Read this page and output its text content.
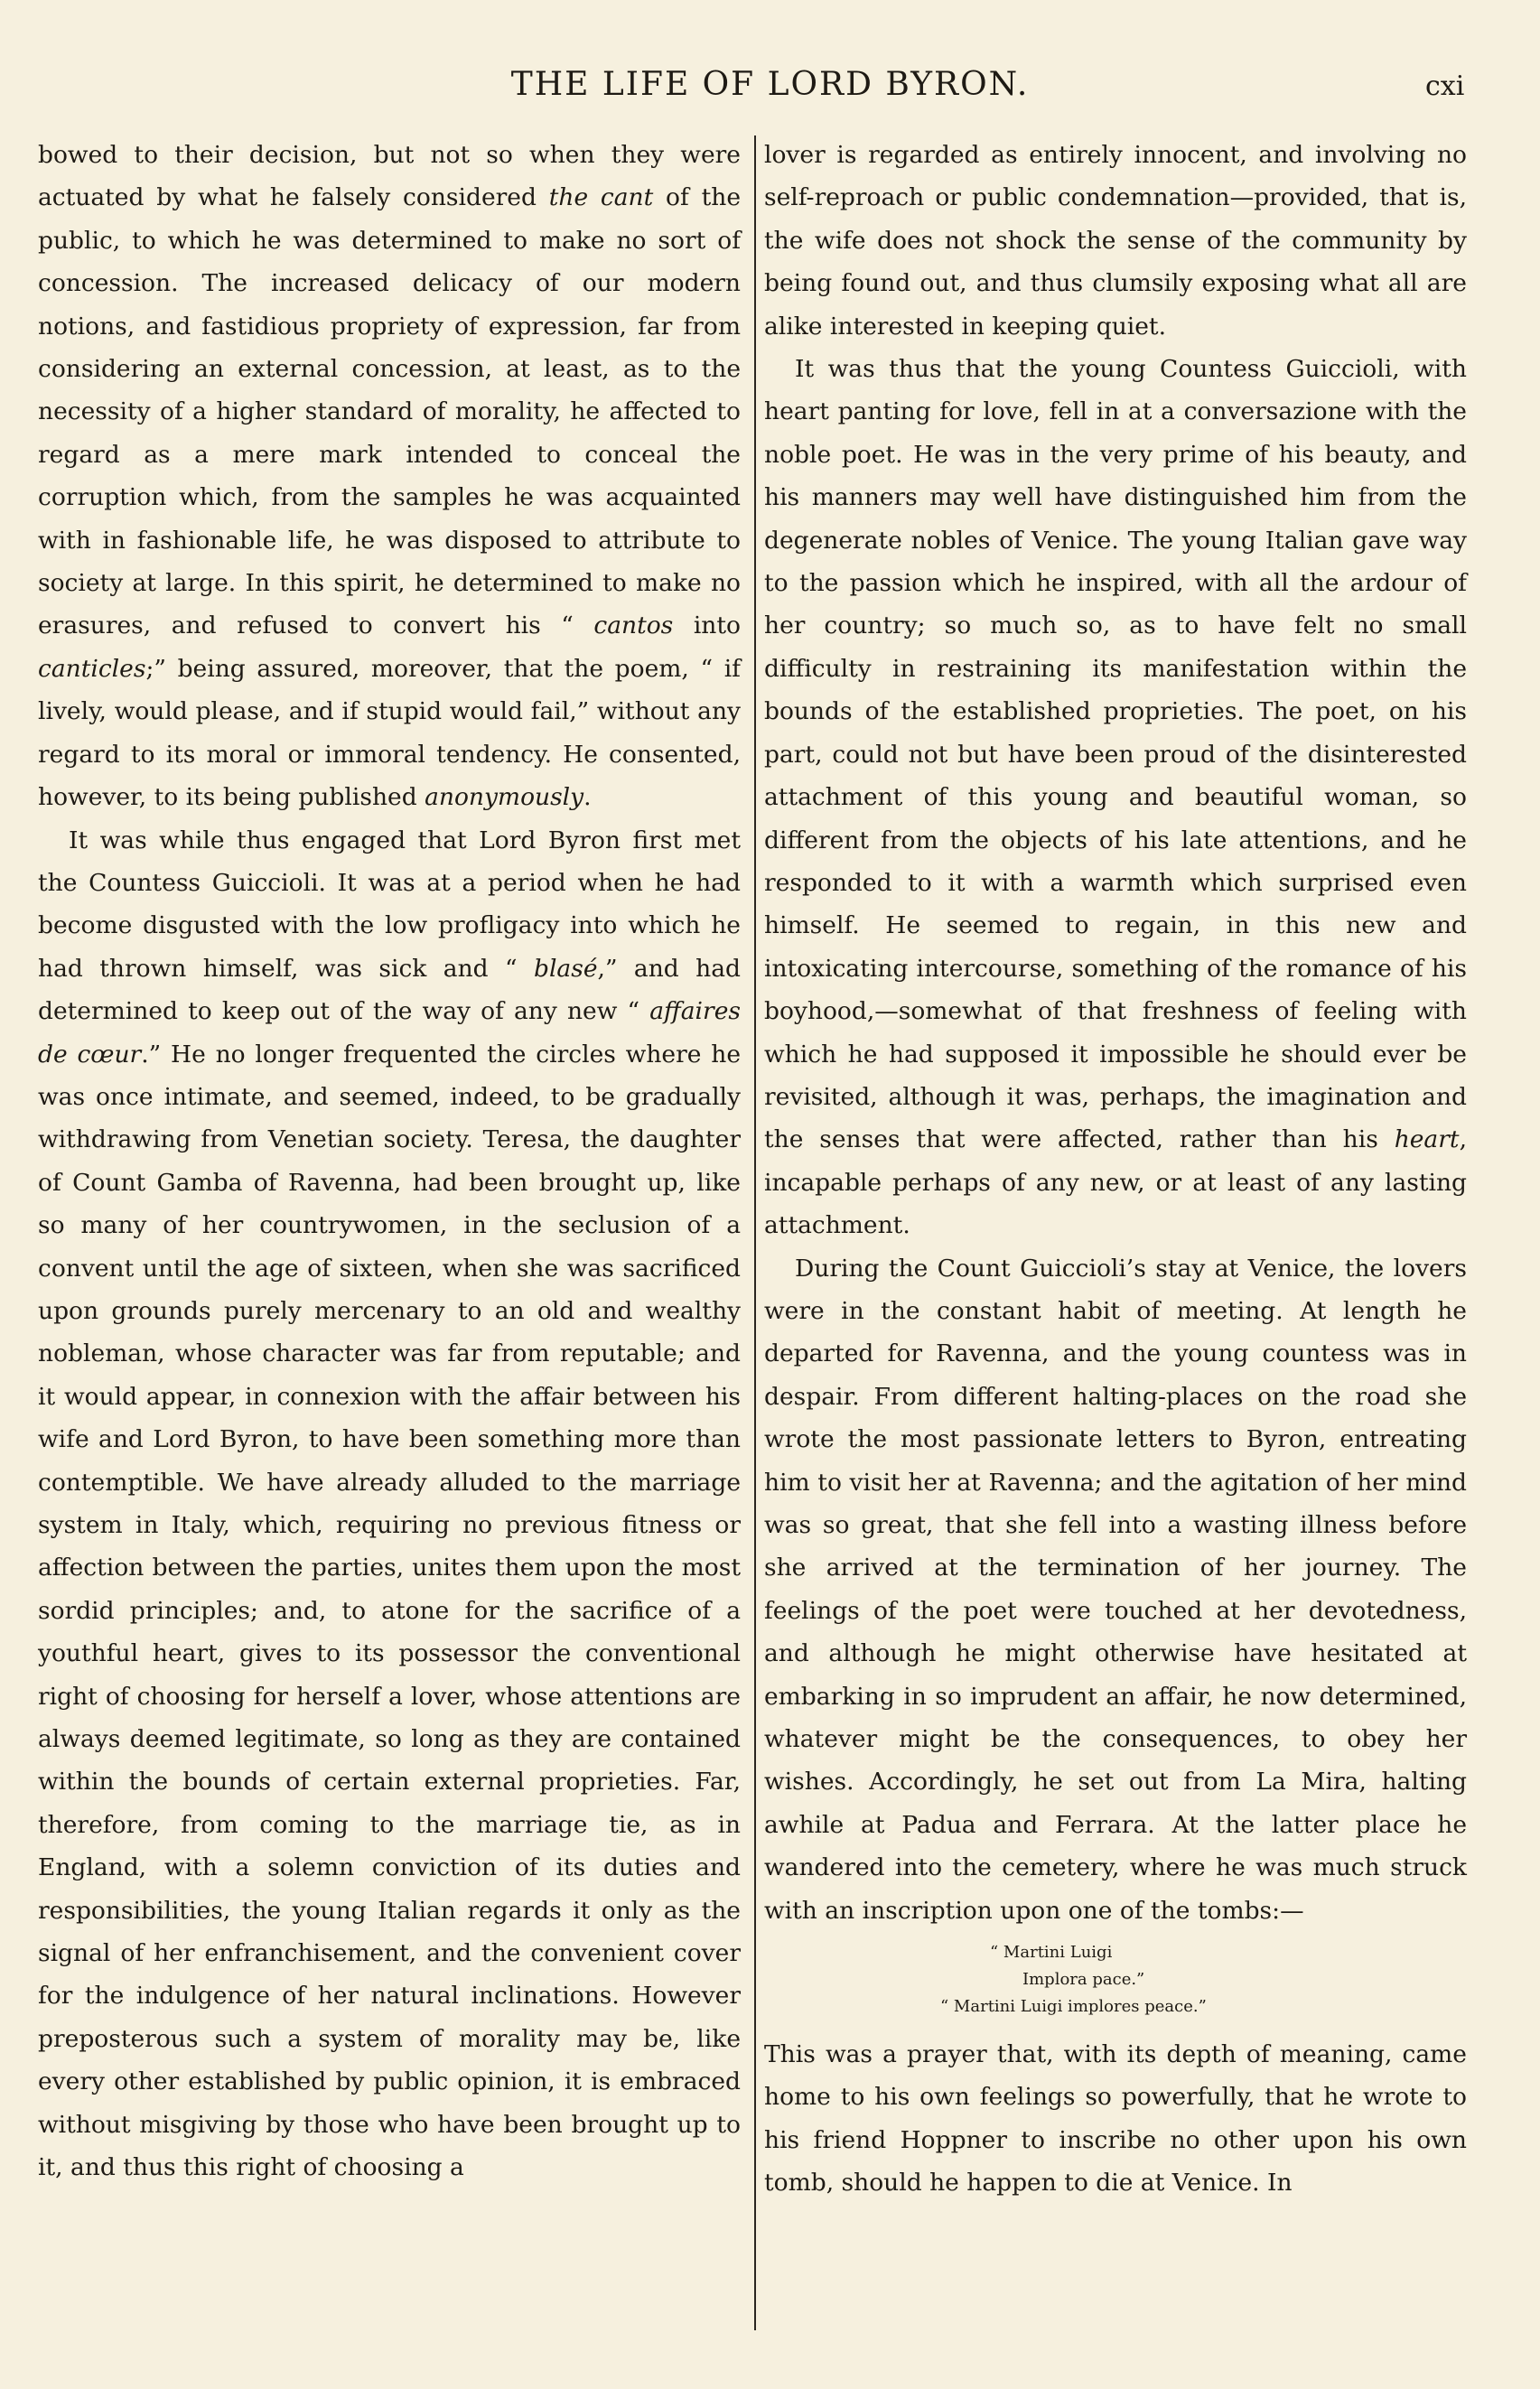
THE LIFE OF LORD BYRON.	cxi

bowed to their decision, but not so when they were actuated by what he falsely considered the cant of the public, to which he was determined to make no sort of concession. The increased delicacy of our modern notions, and fastidious propriety of expression, far from considering an external concession, at least, as to the necessity of a higher standard of morality, he affected to regard as a mere mark intended to conceal the corruption which, from the samples he was acquainted with in fashionable life, he was disposed to attribute to society at large. In this spirit, he determined to make no erasures, and refused to convert his “ cantos into canticles;” being assured, moreover, that the poem, “ if lively, would please, and if stupid would fail,” without any regard to its moral or immoral tendency. He consented, however, to its being published anonymously.

It was while thus engaged that Lord Byron first met the Countess Guiccioli. It was at a period when he had become disgusted with the low profligacy into which he had thrown himself, was sick and “ blasé,” and had determined to keep out of the way of any new “ affaires de cœur.” He no longer frequented the circles where he was once intimate, and seemed, indeed, to be gradually withdrawing from Venetian society. Teresa, the daughter of Count Gamba of Ravenna, had been brought up, like so many of her countrywomen, in the seclusion of a convent until the age of sixteen, when she was sacrificed upon grounds purely mercenary to an old and wealthy nobleman, whose character was far from reputable; and it would appear, in connexion with the affair between his wife and Lord Byron, to have been something more than contemptible. We have already alluded to the marriage system in Italy, which, requiring no previous fitness or affection between the parties, unites them upon the most sordid principles; and, to atone for the sacrifice of a youthful heart, gives to its possessor the conventional right of choosing for herself a lover, whose attentions are always deemed legitimate, so long as they are contained within the bounds of certain external proprieties. Far, therefore, from coming to the marriage tie, as in England, with a solemn conviction of its duties and responsibilities, the young Italian regards it only as the signal of her enfranchisement, and the convenient cover for the indulgence of her natural inclinations. However preposterous such a system of morality may be, like every other established by public opinion, it is embraced without misgiving by those who have been brought up to it, and thus this right of choosing a

lover is regarded as entirely innocent, and involving no self-reproach or public condemnation—provided, that is, the wife does not shock the sense of the community by being found out, and thus clumsily exposing what all are alike interested in keeping quiet.

It was thus that the young Countess Guiccioli, with heart panting for love, fell in at a conversazione with the noble poet. He was in the very prime of his beauty, and his manners may well have distinguished him from the degenerate nobles of Venice. The young Italian gave way to the passion which he inspired, with all the ardour of her country; so much so, as to have felt no small difficulty in restraining its manifestation within the bounds of the established proprieties. The poet, on his part, could not but have been proud of the disinterested attachment of this young and beautiful woman, so different from the objects of his late attentions, and he responded to it with a warmth which surprised even himself. He seemed to regain, in this new and intoxicating intercourse, something of the romance of his boyhood,—somewhat of that freshness of feeling with which he had supposed it impossible he should ever be revisited, although it was, perhaps, the imagination and the senses that were affected, rather than his heart, incapable perhaps of any new, or at least of any lasting attachment.

During the Count Guiccioli’s stay at Venice, the lovers were in the constant habit of meeting. At length he departed for Ravenna, and the young countess was in despair. From different halting-places on the road she wrote the most passionate letters to Byron, entreating him to visit her at Ravenna; and the agitation of her mind was so great, that she fell into a wasting illness before she arrived at the termination of her journey. The feelings of the poet were touched at her devotedness, and although he might otherwise have hesitated at embarking in so imprudent an affair, he now determined, whatever might be the consequences, to obey her wishes. Accordingly, he set out from La Mira, halting awhile at Padua and Ferrara. At the latter place he wandered into the cemetery, where he was much struck with an inscription upon one of the tombs:—

“ Martini Luigi
Implora pace.”
“ Martini Luigi implores peace.”

This was a prayer that, with its depth of meaning, came home to his own feelings so powerfully, that he wrote to his friend Hoppner to inscribe no other upon his own tomb, should he happen to die at Venice. In
